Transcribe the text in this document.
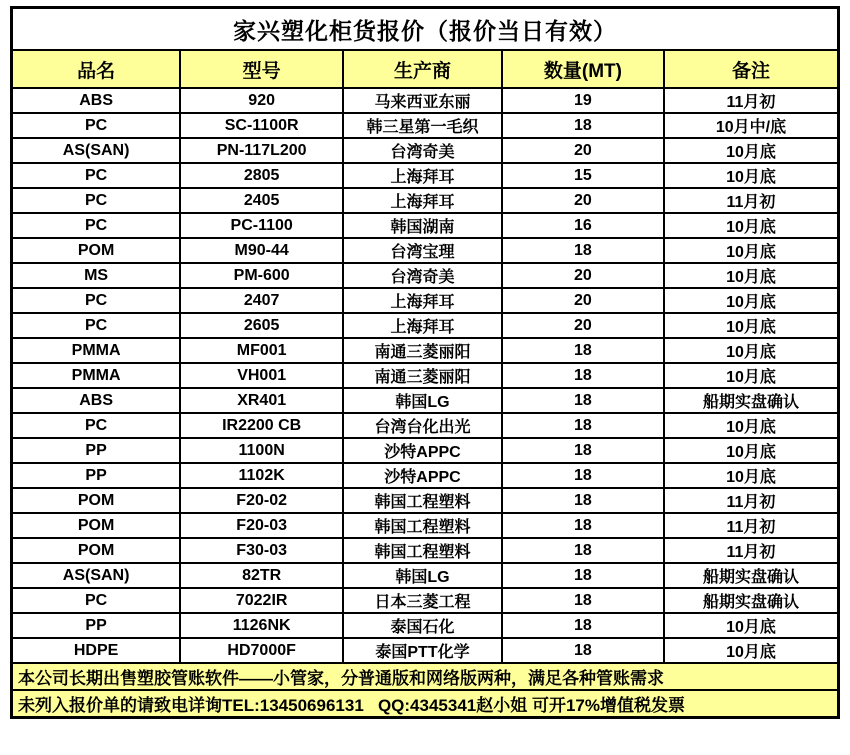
家兴塑化柜货报价（报价当日有效）				
品名	型号	生产商	数量(MT)	备注
ABS	920	马来西亚东丽	19	11月初
PC	SC-1100R	韩三星第一毛织	18	10月中/底
AS(SAN)	PN-117L200	台湾奇美	20	10月底
PC	2805	上海拜耳	15	10月底
PC	2405	上海拜耳	20	11月初
PC	PC-1100	韩国湖南	16	10月底
POM	M90-44	台湾宝理	18	10月底
MS	PM-600	台湾奇美	20	10月底
PC	2407	上海拜耳	20	10月底
PC	2605	上海拜耳	20	10月底
PMMA	MF001	南通三菱丽阳	18	10月底
PMMA	VH001	南通三菱丽阳	18	10月底
ABS	XR401	韩国LG	18	船期实盘确认
PC	IR2200 CB	台湾台化出光	18	10月底
PP	1100N	沙特APPC	18	10月底
PP	1102K	沙特APPC	18	10月底
POM	F20-02	韩国工程塑料	18	11月初
POM	F20-03	韩国工程塑料	18	11月初
POM	F30-03	韩国工程塑料	18	11月初
AS(SAN)	82TR	韩国LG	18	船期实盘确认
PC	7022IR	日本三菱工程	18	船期实盘确认
PP	1126NK	泰国石化	18	10月底
HDPE	HD7000F	泰国PTT化学	18	10月底
本公司长期出售塑胶管账软件——小管家，分普通版和网络版两种，满足各种管账需求				
未列入报价单的请致电详询TEL:13450696131   QQ:4345341赵小姐 可开17%增值税发票				
